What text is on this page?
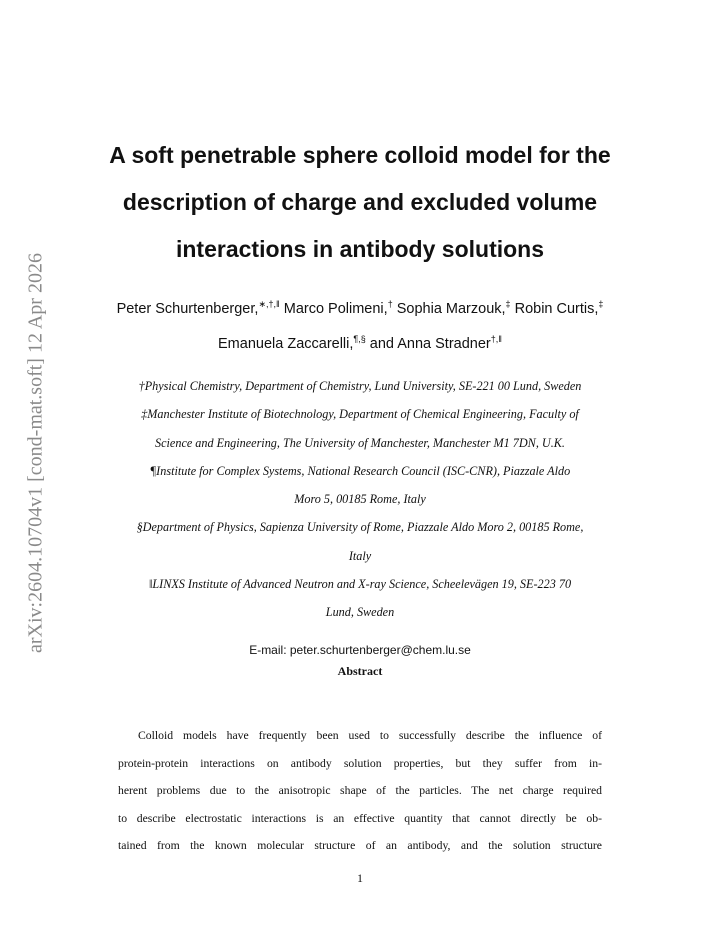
arXiv:2604.10704v1 [cond-mat.soft] 12 Apr 2026
A soft penetrable sphere colloid model for the
description of charge and excluded volume
interactions in antibody solutions
Peter Schurtenberger,∗,†,‖ Marco Polimeni,† Sophia Marzouk,‡ Robin Curtis,‡
Emanuela Zaccarelli,¶,§ and Anna Stradner†,‖
†Physical Chemistry, Department of Chemistry, Lund University, SE-221 00 Lund, Sweden
‡Manchester Institute of Biotechnology, Department of Chemical Engineering, Faculty of
Science and Engineering, The University of Manchester, Manchester M1 7DN, U.K.
¶Institute for Complex Systems, National Research Council (ISC-CNR), Piazzale Aldo
Moro 5, 00185 Rome, Italy
§Department of Physics, Sapienza University of Rome, Piazzale Aldo Moro 2, 00185 Rome,
Italy
‖LINXS Institute of Advanced Neutron and X-ray Science, Scheelevägen 19, SE-223 70
Lund, Sweden
E-mail: peter.schurtenberger@chem.lu.se
Abstract
Colloid models have frequently been used to successfully describe the influence of
protein-protein interactions on antibody solution properties, but they suffer from in-
herent problems due to the anisotropic shape of the particles. The net charge required
to describe electrostatic interactions is an effective quantity that cannot directly be ob-
tained from the known molecular structure of an antibody, and the solution structure
1
